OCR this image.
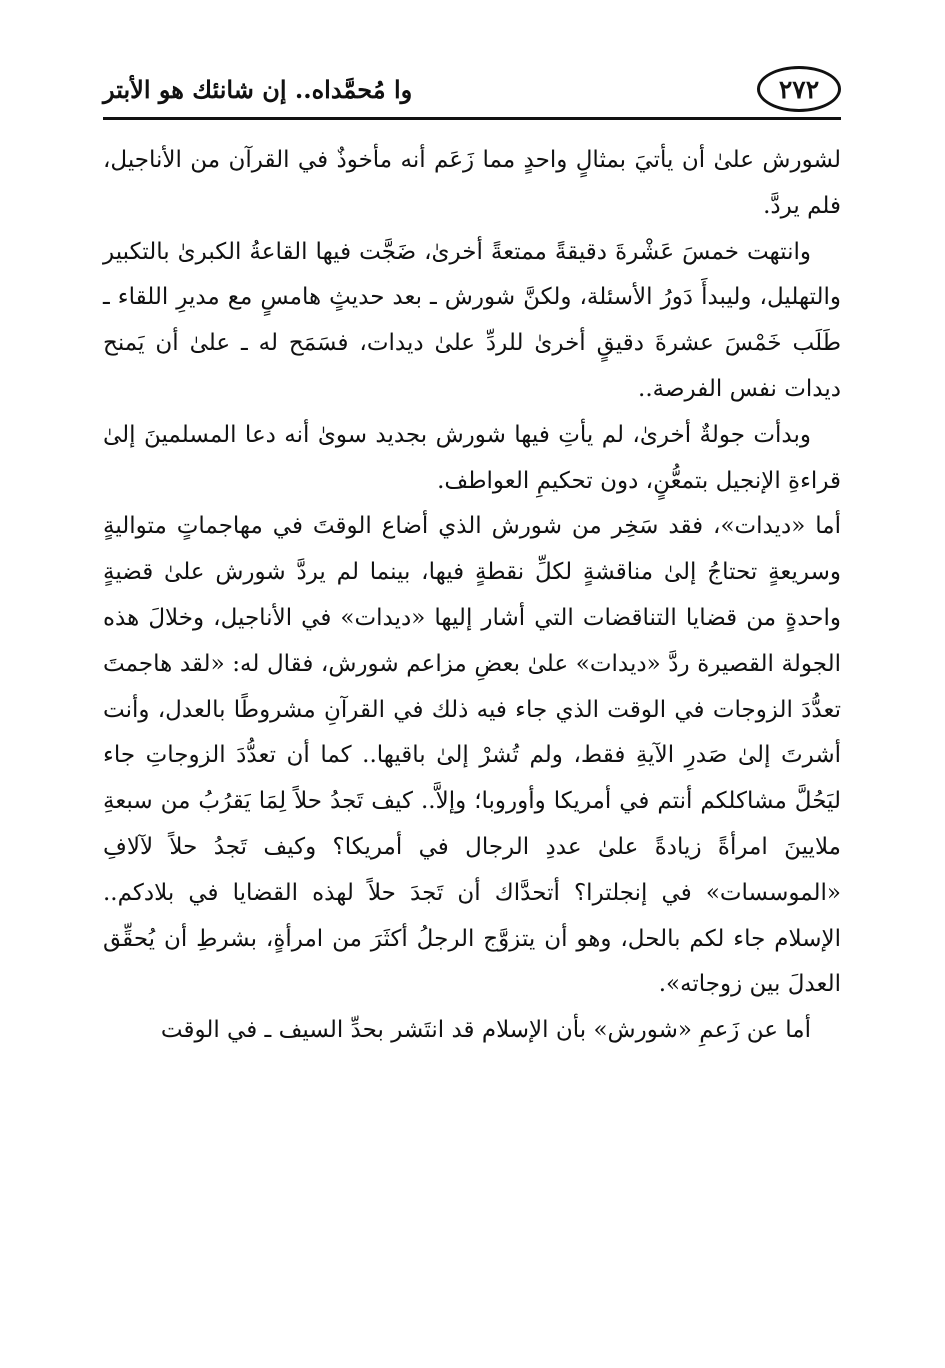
٢٧٢
وا مُحمَّداه.. إن شانئك هو الأبتر

لشورش علىٰ أن يأتيَ بمثالٍ واحدٍ مما زَعَم أنه مأخوذٌ في القرآن من الأناجيل، فلم يردَّ.

وانتهت خمسَ عَشْرةَ دقيقةً ممتعةً أخرىٰ، ضَجَّت فيها القاعةُ الكبرىٰ بالتكبير والتهليل، وليبدأَ دَورُ الأسئلة، ولكنَّ شورش ـ بعد حديثٍ هامسٍ مع مديرِ اللقاء ـ طَلَب خَمْسَ عشرةَ دقيقٍ أخرىٰ للردِّ علىٰ ديدات، فسَمَح له ـ علىٰ أن يَمنح ديدات نفس الفرصة..

وبدأت جولةٌ أخرىٰ، لم يأتِ فيها شورش بجديد سوىٰ أنه دعا المسلمينَ إلىٰ قراءةِ الإنجيل بتمعُّنٍ، دون تحكيمِ العواطف.

أما «ديدات»، فقد سَخِر من شورش الذي أضاع الوقتَ في مهاجماتٍ متواليةٍ وسريعةٍ تحتاجُ إلىٰ مناقشةٍ لكلِّ نقطةٍ فيها، بينما لم يردَّ شورش علىٰ قضيةٍ واحدةٍ من قضايا التناقضات التي أشار إليها «ديدات» في الأناجيل، وخلالَ هذه الجولة القصيرة ردَّ «ديدات» علىٰ بعضِ مزاعم شورش، فقال له: «لقد هاجمتَ تعدُّدَ الزوجات في الوقت الذي جاء فيه ذلك في القرآنِ مشروطًا بالعدل، وأنت أشرتَ إلىٰ صَدرِ الآيةِ فقط، ولم تُشرْ إلىٰ باقيها.. كما أن تعدُّدَ الزوجاتِ جاء ليَحُلَّ مشاكلكم أنتم في أمريكا وأوروبا؛ وإلاَّ.. كيف تَجدُ حلاً لِمَا يَقرُبُ من سبعةِ ملايينَ امرأةً زيادةً علىٰ عددِ الرجال في أمريكا؟ وكيف تَجدُ حلاً لآلافِ «الموسسات» في إنجلترا؟ أتحدَّاك أن تَجدَ حلاً لهذه القضايا في بلادكم.. الإسلام جاء لكم بالحل، وهو أن يتزوَّج الرجلُ أكثَرَ من امرأةٍ، بشرطِ أن يُحقِّق العدلَ بين زوجاته».

أما عن زَعمِ «شورش» بأن الإسلام قد انتَشر بحدِّ السيف ـ في الوقت
